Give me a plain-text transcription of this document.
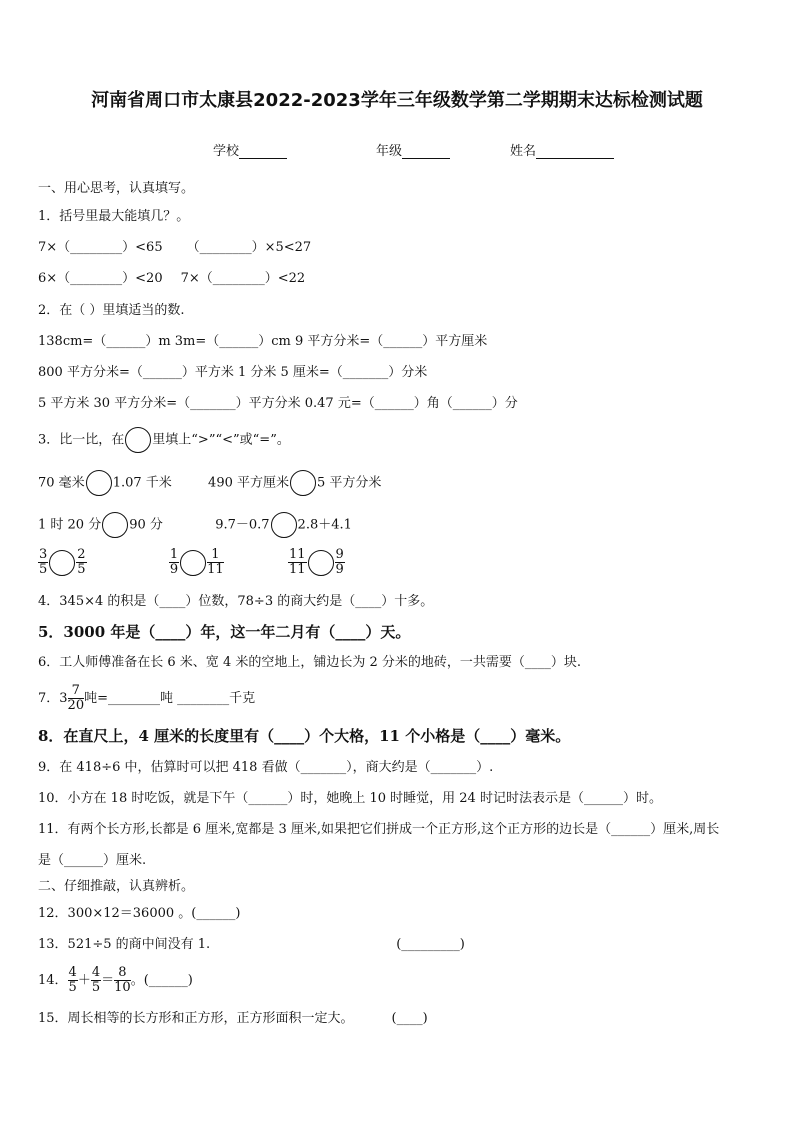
河南省周口市太康县2022-2023学年三年级数学第二学期期末达标检测试题
学校	年级	姓名
一、用心思考，认真填写。
1．括号里最大能填几？。
7×（________）<65 （________）×5<27
6×（________）<20 7×（________）<22
2．在（ ）里填适当的数.
138cm=（______）m 3m=（______）cm 9 平方分米=（______）平方厘米
800 平方分米=（______）平方米 1 分米 5 厘米=（_______）分米
5 平方米 30 平方分米=（_______）平方分米 0.47 元=（______）角（______）分
3．比一比，在 里填上“>”“<”或“=”。
70 毫米 1.07 千米	490 平方厘米 5 平方分米
1 时 20 分 90 分	9.7－0.7 2.8＋4.1
$\frac{3}{5} \frac{2}{5}$
	$\frac{1}{9} \frac{1}{11}$
	$\frac{11}{11} \frac{9}{9}$
4．345×4 的积是（____）位数，78÷3 的商大约是（____）十多。
5．3000 年是（____）年，这一年二月有（____）天。
6．工人师傅准备在长 6 米、宽 4 米的空地上，铺边长为 2 分米的地砖，一共需要（____）块.
7．$3 \frac{7}{20}$ 吨=________吨 ________千克
8．在直尺上，4 厘米的长度里有（____）个大格，11 个小格是（____）毫米。
9．在 418÷6 中，估算时可以把 418 看做（_______），商大约是（_______）.
10．小方在 18 时吃饭，就是下午（______）时，她晚上 10 时睡觉，用 24 时记时法表示是（______）时。
11．有两个长方形,长都是 6 厘米,宽都是 3 厘米,如果把它们拼成一个正方形,这个正方形的边长是（______）厘米,周长
是（______）厘米.
二、仔细推敲，认真辨析。
12．300×12＝36000 。(______)
13．521÷5 的商中间没有 1.	(_________)
14． $\frac{4}{5} + \frac{4}{5} = \frac{8}{10}$ 。(______)
15．周长相等的长方形和正方形，正方形面积一定大。	(____)
